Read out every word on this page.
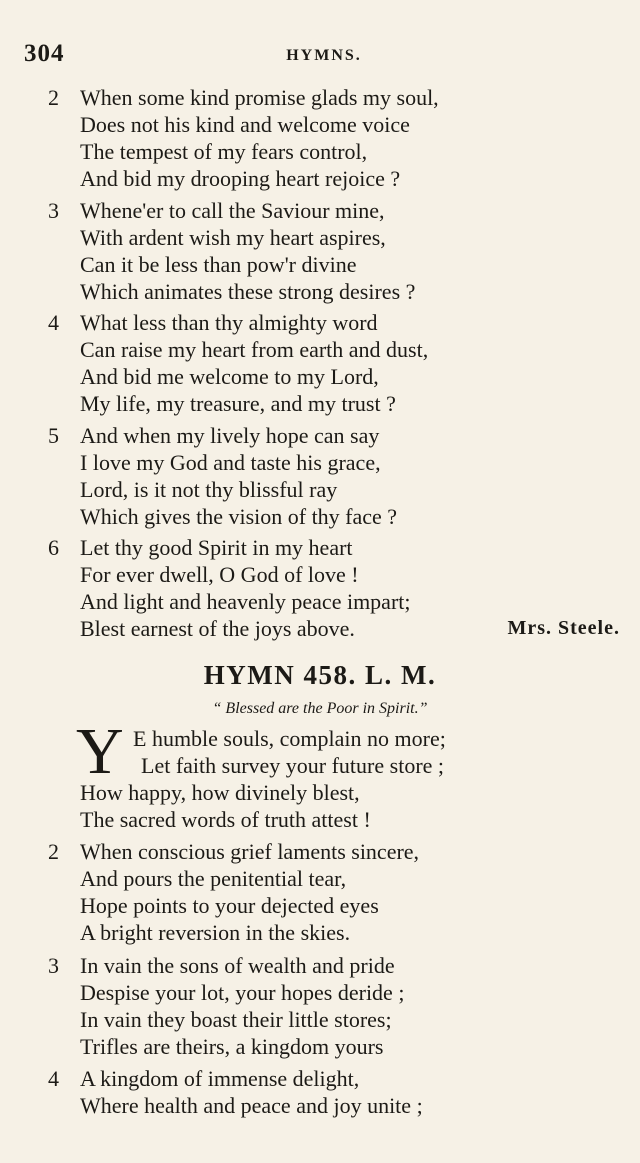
304	HYMNS.
2 When some kind promise glads my soul,
Does not his kind and welcome voice
The tempest of my fears control,
And bid my drooping heart rejoice ?
3 Whene'er to call the Saviour mine,
With ardent wish my heart aspires,
Can it be less than pow'r divine
Which animates these strong desires ?
4 What less than thy almighty word
Can raise my heart from earth and dust,
And bid me welcome to my Lord,
My life, my treasure, and my trust ?
5 And when my lively hope can say
I love my God and taste his grace,
Lord, is it not thy blissful ray
Which gives the vision of thy face ?
6 Let thy good Spirit in my heart
For ever dwell, O God of love !
And light and heavenly peace impart;
Blest earnest of the joys above.	Mrs. Steele.
HYMN 458. L. M.
“ Blessed are the Poor in Spirit.”
Y E humble souls, complain no more;
Let faith survey your future store ;
How happy, how divinely blest,
The sacred words of truth attest !
2 When conscious grief laments sincere,
And pours the penitential tear,
Hope points to your dejected eyes
A bright reversion in the skies.
3 In vain the sons of wealth and pride
Despise your lot, your hopes deride ;
In vain they boast their little stores;
Trifles are theirs, a kingdom yours
4 A kingdom of immense delight,
Where health and peace and joy unite ;
